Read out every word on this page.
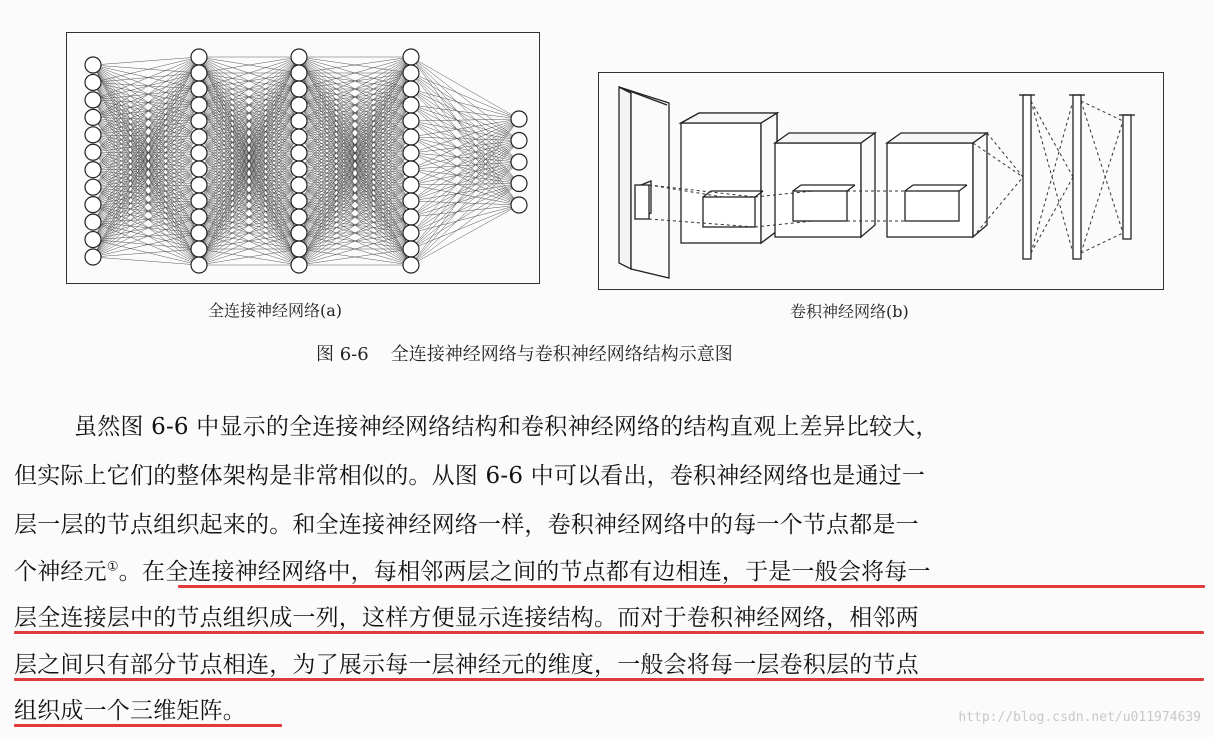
全连接神经网络(a)	卷积神经网络(b)
图 6-6 全连接神经网络与卷积神经网络结构示意图
虽然图 6-6 中显示的全连接神经网络结构和卷积神经网络的结构直观上差异比较大，
但实际上它们的整体架构是非常相似的。从图 6-6 中可以看出，卷积神经网络也是通过一
层一层的节点组织起来的。和全连接神经网络一样，卷积神经网络中的每一个节点都是一
个神经元①。在全连接神经网络中，每相邻两层之间的节点都有边相连，于是一般会将每一
层全连接层中的节点组织成一列，这样方便显示连接结构。而对于卷积神经网络，相邻两
层之间只有部分节点相连，为了展示每一层神经元的维度，一般会将每一层卷积层的节点
组织成一个三维矩阵。	http://blog.csdn.net/u011974639
